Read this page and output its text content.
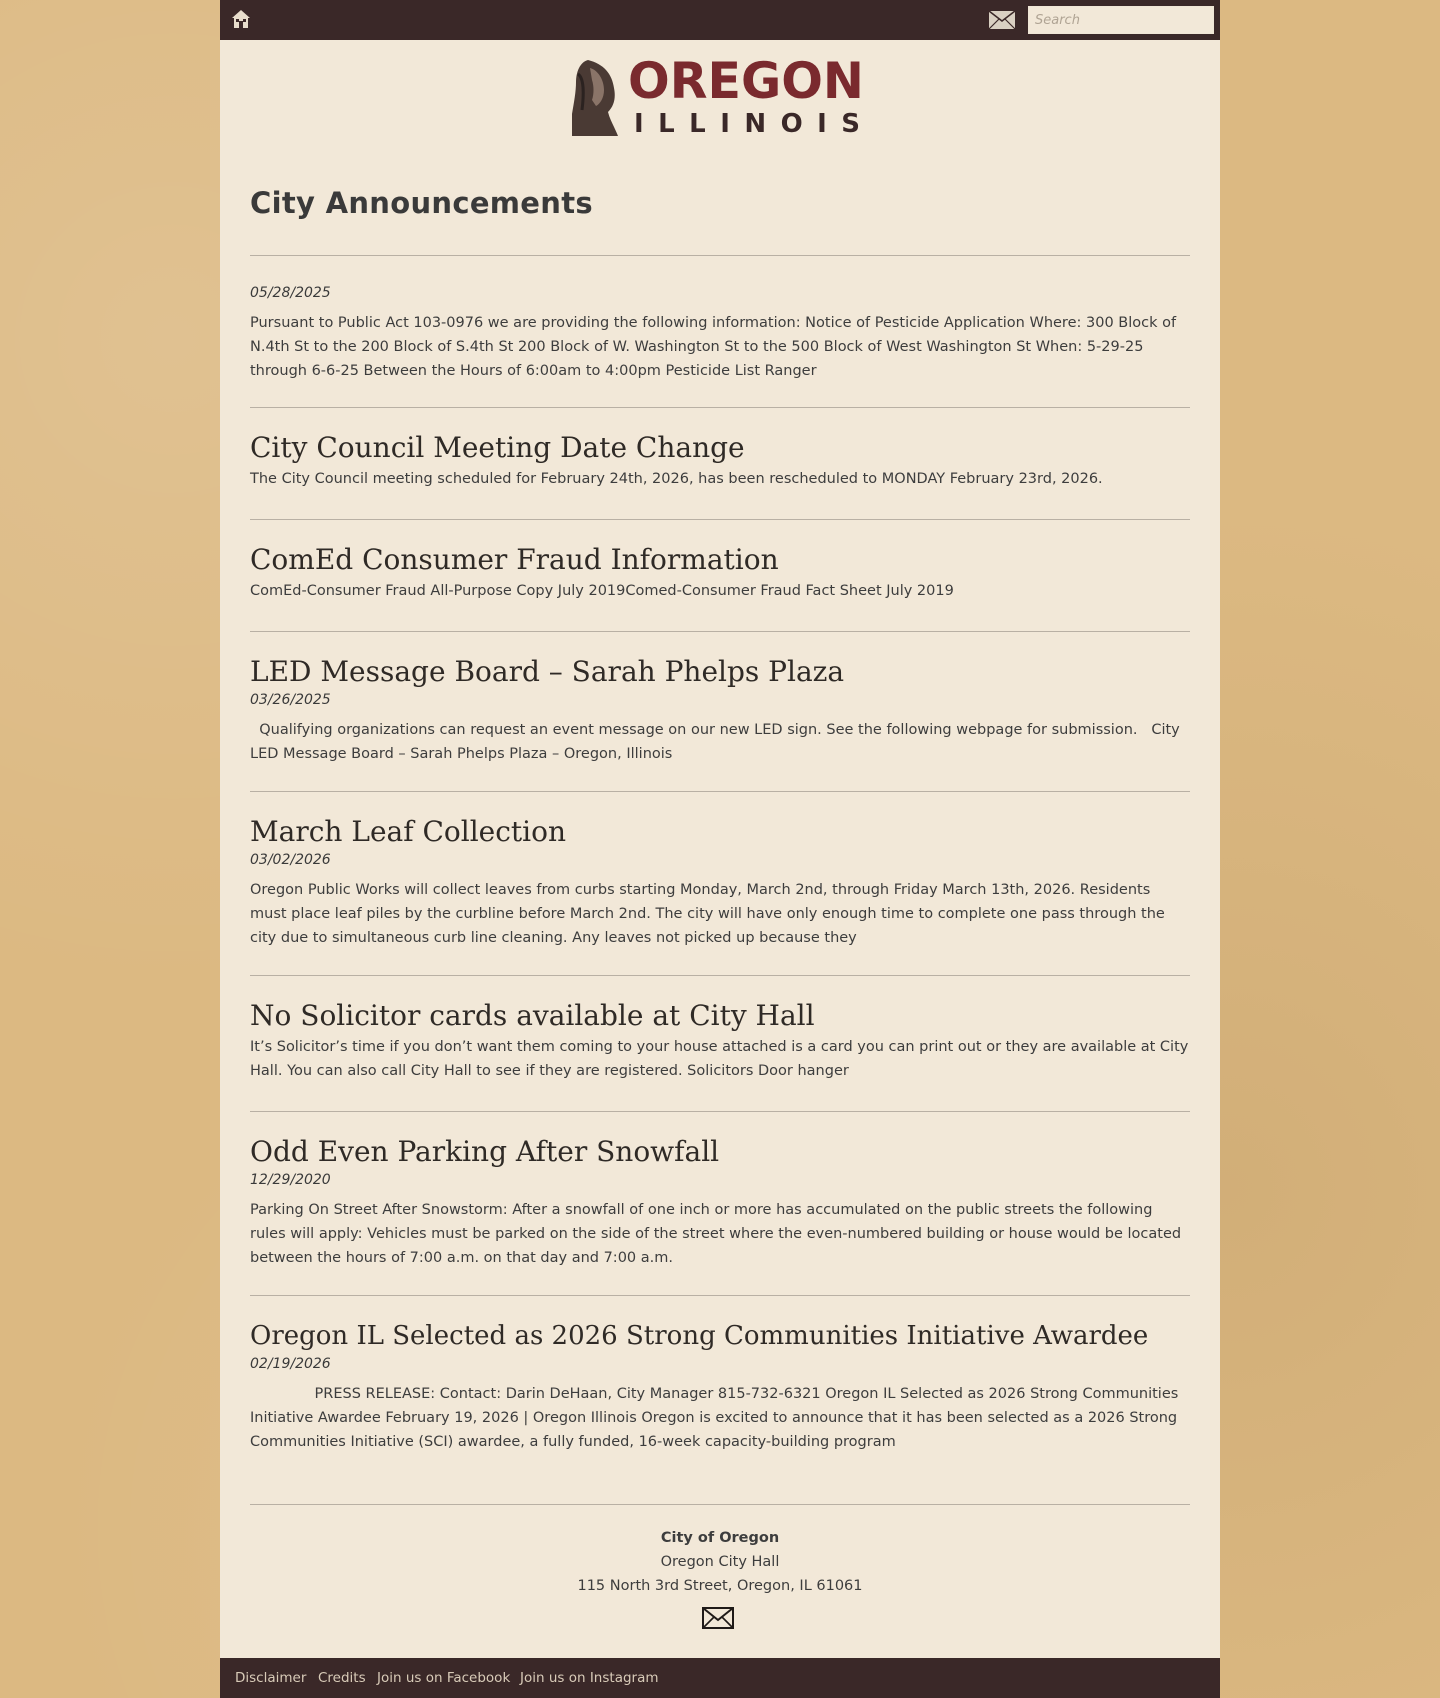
Search
OREGON
ILLINOIS
City Announcements
05/28/2025

Pursuant to Public Act 103-0976 we are providing the following information: Notice of Pesticide Application Where: 300 Block of N.4th St to the 200 Block of S.4th St 200 Block of W. Washington St to the 500 Block of West Washington St When: 5-29-25 through 6-6-25 Between the Hours of 6:00am to 4:00pm Pesticide List Ranger

City Council Meeting Date Change

The City Council meeting scheduled for February 24th, 2026, has been rescheduled to MONDAY February 23rd, 2026.

ComEd Consumer Fraud Information

ComEd-Consumer Fraud All-Purpose Copy July 2019Comed-Consumer Fraud Fact Sheet July 2019

LED Message Board – Sarah Phelps Plaza
03/26/2025

Qualifying organizations can request an event message on our new LED sign. See the following webpage for submission.   City LED Message Board – Sarah Phelps Plaza – Oregon, Illinois

March Leaf Collection
03/02/2026

Oregon Public Works will collect leaves from curbs starting Monday, March 2nd, through Friday March 13th, 2026. Residents must place leaf piles by the curbline before March 2nd. The city will have only enough time to complete one pass through the city due to simultaneous curb line cleaning. Any leaves not picked up because they

No Solicitor cards available at City Hall

It’s Solicitor’s time if you don’t want them coming to your house attached is a card you can print out or they are available at City Hall. You can also call City Hall to see if they are registered. Solicitors Door hanger

Odd Even Parking After Snowfall
12/29/2020

Parking On Street After Snowstorm: After a snowfall of one inch or more has accumulated on the public streets the following rules will apply: Vehicles must be parked on the side of the street where the even-numbered building or house would be located between the hours of 7:00 a.m. on that day and 7:00 a.m.

Oregon IL Selected as 2026 Strong Communities Initiative Awardee
02/19/2026

PRESS RELEASE: Contact: Darin DeHaan, City Manager 815-732-6321 Oregon IL Selected as 2026 Strong Communities Initiative Awardee February 19, 2026 | Oregon Illinois Oregon is excited to announce that it has been selected as a 2026 Strong Communities Initiative (SCI) awardee, a fully funded, 16-week capacity-building program

City of Oregon
Oregon City Hall
115 North 3rd Street, Oregon, IL 61061
Disclaimer Credits Join us on Facebook Join us on Instagram
